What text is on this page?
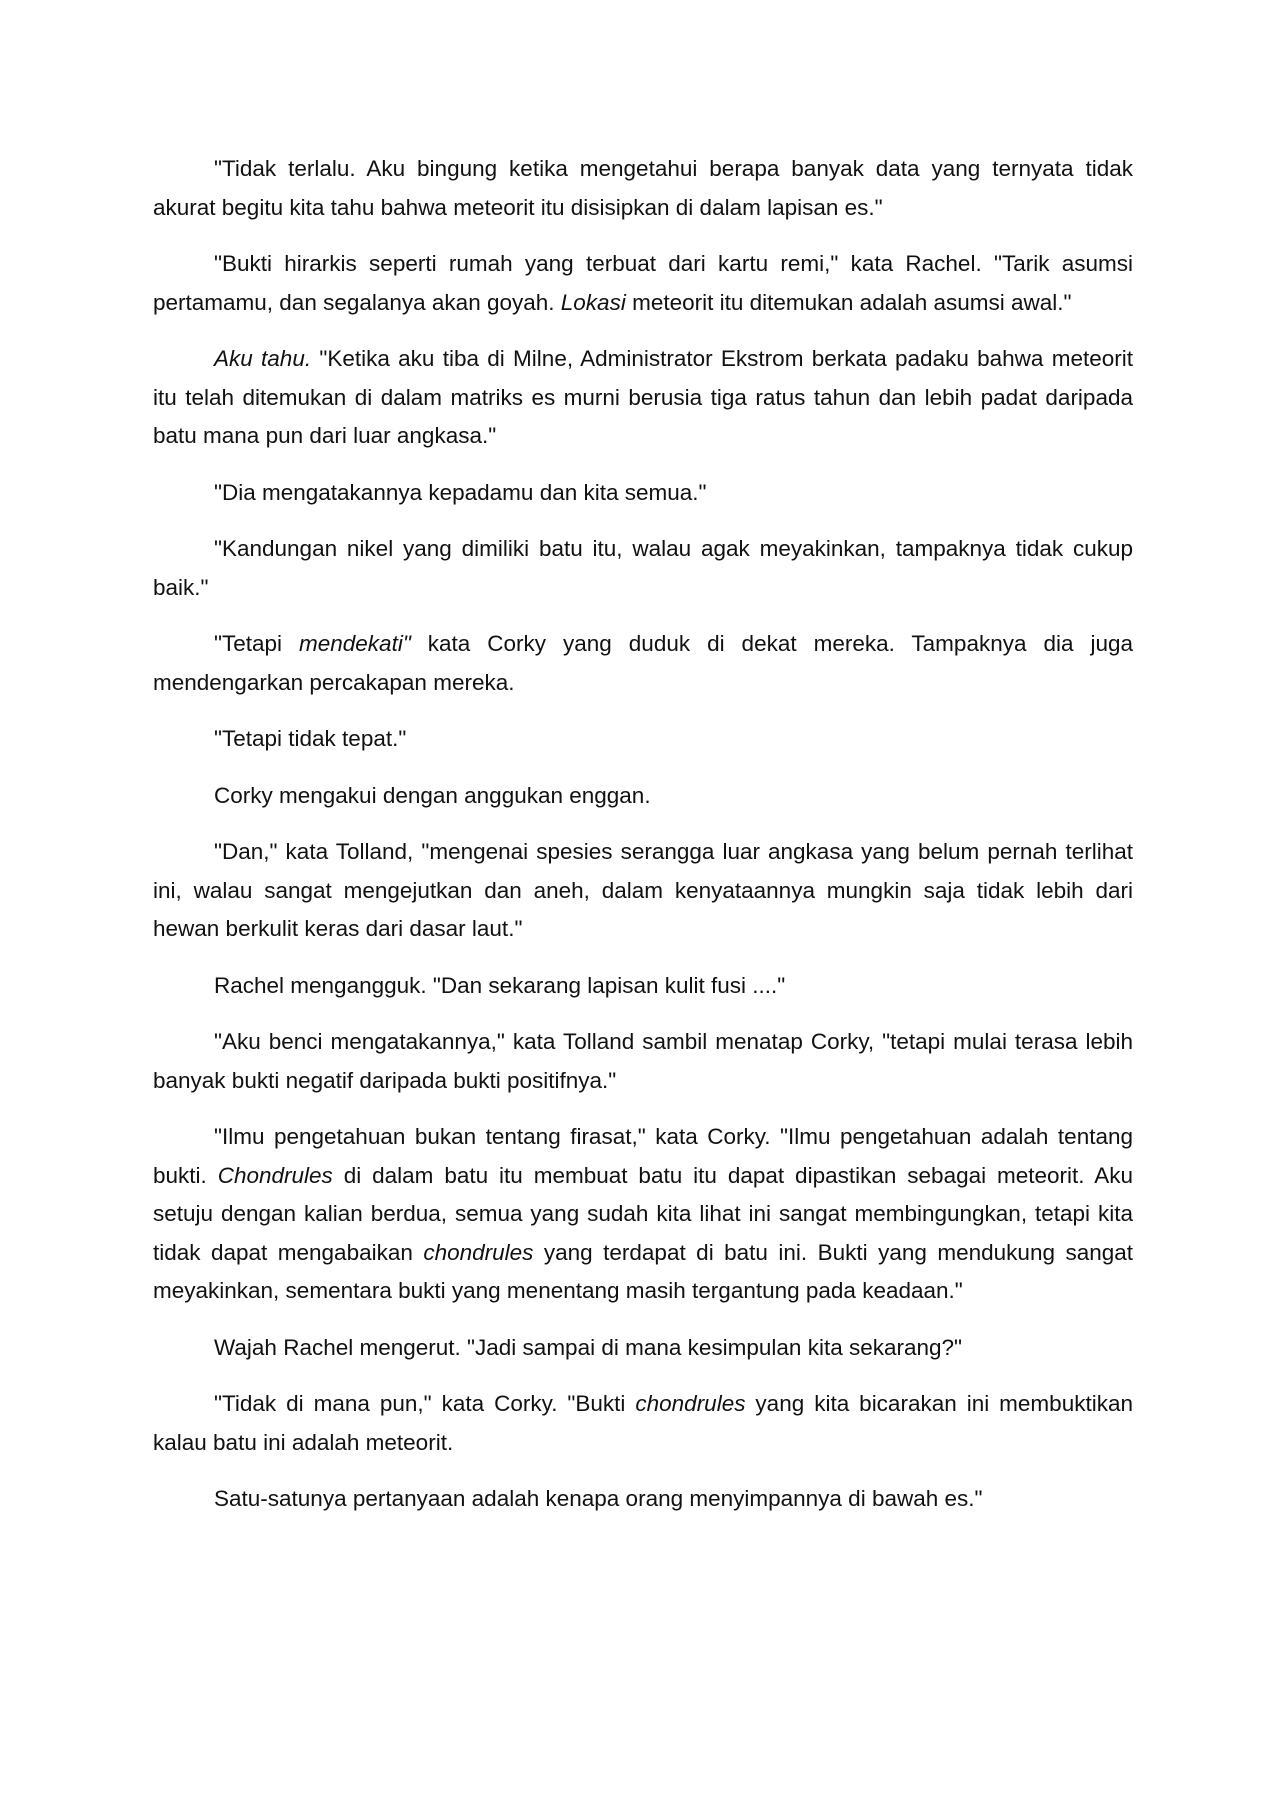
"Tidak terlalu. Aku bingung ketika mengetahui berapa banyak data yang ternyata tidak akurat begitu kita tahu bahwa meteorit itu disisipkan di dalam lapisan es."

"Bukti hirarkis seperti rumah yang terbuat dari kartu remi," kata Rachel. "Tarik asumsi pertamamu, dan segalanya akan goyah. Lokasi meteorit itu ditemukan adalah asumsi awal."

Aku tahu. "Ketika aku tiba di Milne, Administrator Ekstrom berkata padaku bahwa meteorit itu telah ditemukan di dalam matriks es murni berusia tiga ratus tahun dan lebih padat daripada batu mana pun dari luar angkasa."

"Dia mengatakannya kepadamu dan kita semua."

"Kandungan nikel yang dimiliki batu itu, walau agak meyakinkan, tampaknya tidak cukup baik."

"Tetapi mendekati" kata Corky yang duduk di dekat mereka. Tampaknya dia juga mendengarkan percakapan mereka.

"Tetapi tidak tepat."

Corky mengakui dengan anggukan enggan.

"Dan," kata Tolland, "mengenai spesies serangga luar angkasa yang belum pernah terlihat ini, walau sangat mengejutkan dan aneh, dalam kenyataannya mungkin saja tidak lebih dari hewan berkulit keras dari dasar laut."

Rachel mengangguk. "Dan sekarang lapisan kulit fusi ...."

"Aku benci mengatakannya," kata Tolland sambil menatap Corky, "tetapi mulai terasa lebih banyak bukti negatif daripada bukti positifnya."

"Ilmu pengetahuan bukan tentang firasat," kata Corky. "Ilmu pengetahuan adalah tentang bukti. Chondrules di dalam batu itu membuat batu itu dapat dipastikan sebagai meteorit. Aku setuju dengan kalian berdua, semua yang sudah kita lihat ini sangat membingungkan, tetapi kita tidak dapat mengabaikan chondrules yang terdapat di batu ini. Bukti yang mendukung sangat meyakinkan, sementara bukti yang menentang masih tergantung pada keadaan."

Wajah Rachel mengerut. "Jadi sampai di mana kesimpulan kita sekarang?"

"Tidak di mana pun," kata Corky. "Bukti chondrules yang kita bicarakan ini membuktikan kalau batu ini adalah meteorit.

Satu-satunya pertanyaan adalah kenapa orang menyimpannya di bawah es."
